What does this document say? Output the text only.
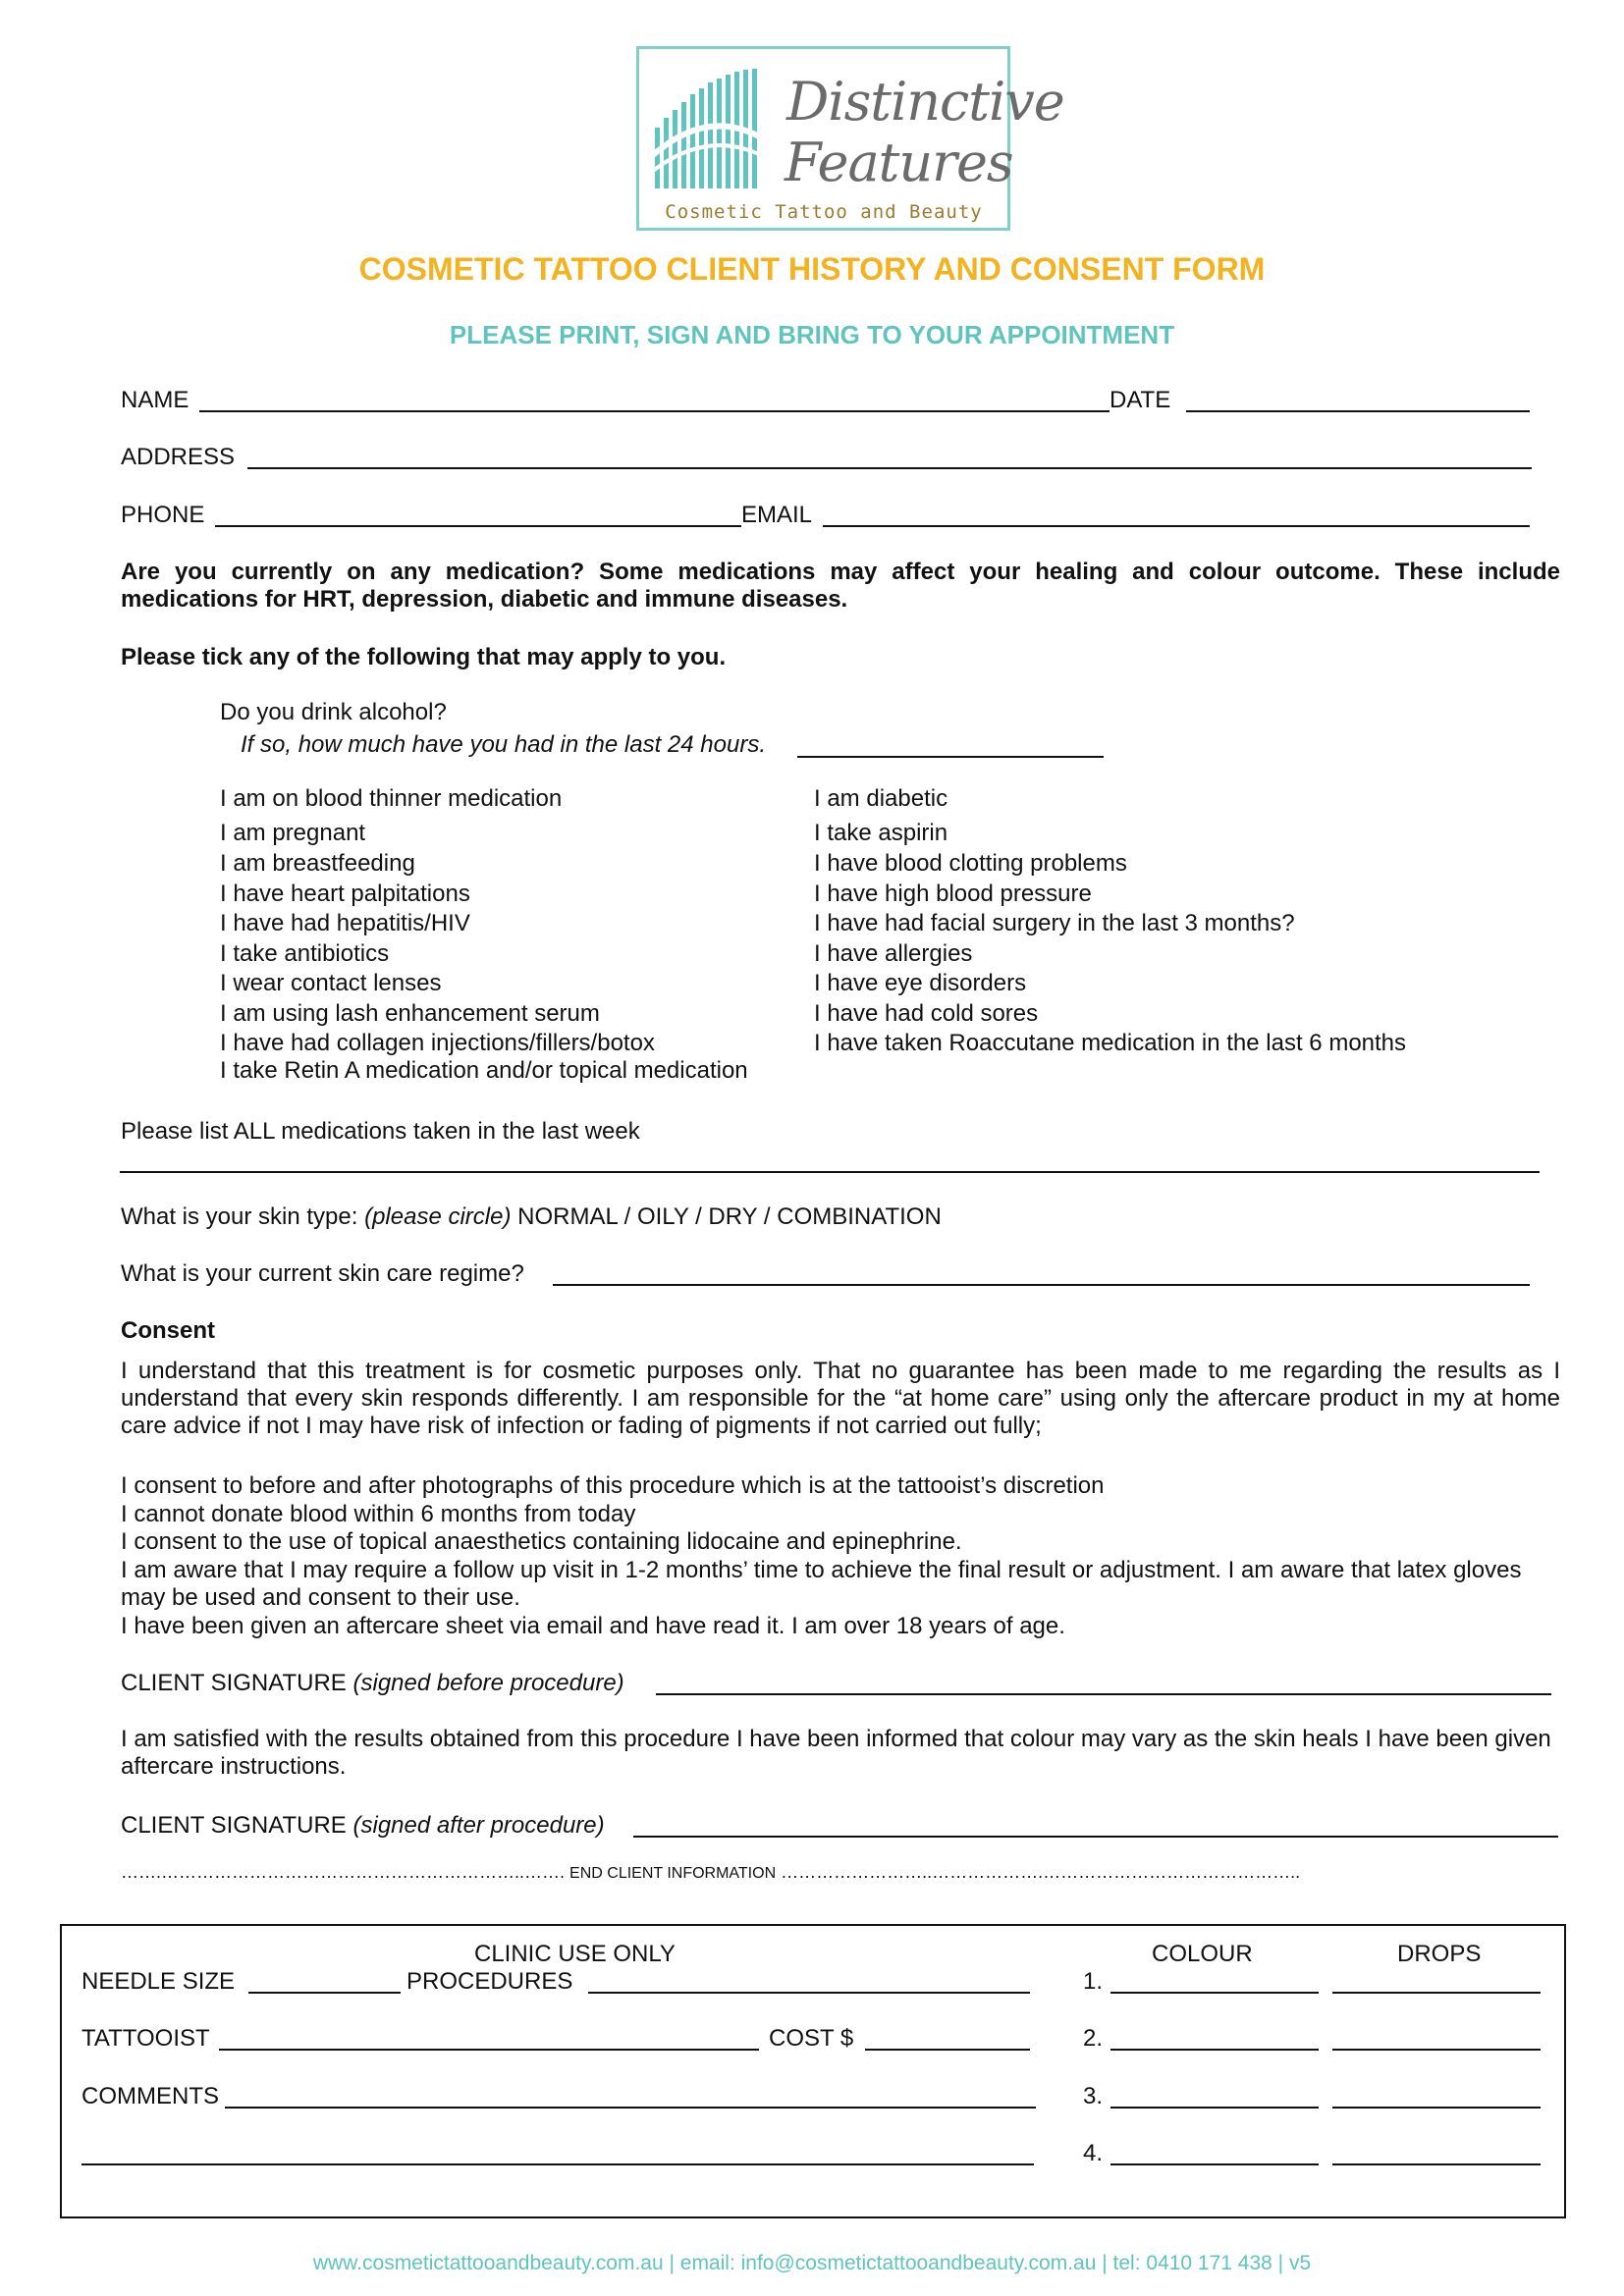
Distinctive
Features
Cosmetic Tattoo and Beauty
COSMETIC TATTOO CLIENT HISTORY AND CONSENT FORM
PLEASE PRINT, SIGN AND BRING TO YOUR APPOINTMENT
NAME	DATE
ADDRESS
PHONE	EMAIL
Are you currently on any medication? Some medications may affect your healing and colour outcome. These include medications for HRT, depression, diabetic and immune diseases.
Please tick any of the following that may apply to you.
Do you drink alcohol?
If so, how much have you had in the last 24 hours.
I am on blood thinner medication
I am pregnant
I am breastfeeding
I have heart palpitations
I have had hepatitis/HIV
I take antibiotics
I wear contact lenses
I am using lash enhancement serum
I have had collagen injections/fillers/botox
I take Retin A medication and/or topical medication
I am diabetic
I take aspirin
I have blood clotting problems
I have high blood pressure
I have had facial surgery in the last 3 months?
I have allergies
I have eye disorders
I have had cold sores
I have taken Roaccutane medication in the last 6 months
Please list ALL medications taken in the last week
What is your skin type: (please circle) NORMAL / OILY / DRY / COMBINATION
What is your current skin care regime?
Consent
I understand that this treatment is for cosmetic purposes only. That no guarantee has been made to me regarding the results as I understand that every skin responds differently. I am responsible for the “at home care” using only the aftercare product in my at home care advice if not I may have risk of infection or fading of pigments if not carried out fully;
I consent to before and after photographs of this procedure which is at the tattooist’s discretion
I cannot donate blood within 6 months from today
I consent to the use of topical anaesthetics containing lidocaine and epinephrine.
I am aware that I may require a follow up visit in 1-2 months’ time to achieve the final result or adjustment. I am aware that latex gloves may be used and consent to their use.
I have been given an aftercare sheet via email and have read it. I am over 18 years of age.
CLIENT SIGNATURE (signed before procedure)
I am satisfied with the results obtained from this procedure I have been informed that colour may vary as the skin heals I have been given aftercare instructions.
CLIENT SIGNATURE (signed after procedure)
…….……………………………………………………..……. END CLIENT INFORMATION ……………………..……………….……………………………………..
CLINIC USE ONLY	COLOUR	DROPS
NEEDLE SIZE	PROCEDURES
TATTOOIST	COST $
COMMENTS
1.
2.
3.
4.
www.cosmetictattooandbeauty.com.au | email: info@cosmetictattooandbeauty.com.au | tel: 0410 171 438 | v5
